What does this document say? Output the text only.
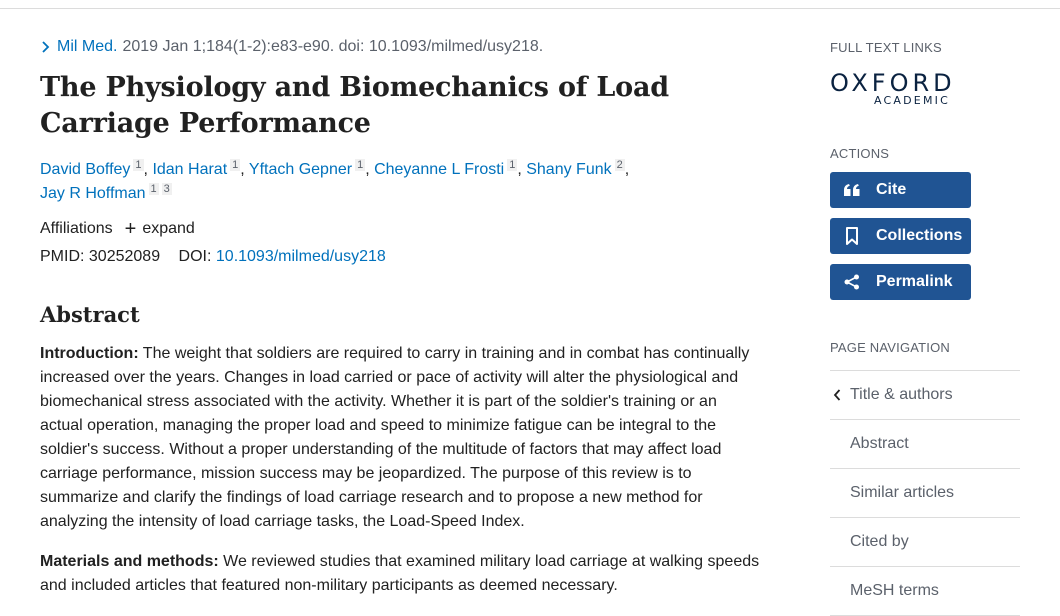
Mil Med. 2019 Jan 1;184(1-2):e83-e90. doi: 10.1093/milmed/usy218.
The Physiology and Biomechanics of Load Carriage Performance
David Boffey $^1$ , Idan Harat $^1$ , Yftach Gepner $^1$ , Cheyanne L Frosti $^1$ , Shany Funk $^2$ ,
Jay R Hoffman $^1$ $^3$
Affiliations + expand
PMID: 30252089 DOI: 10.1093/milmed/usy218
Abstract

Introduction: The weight that soldiers are required to carry in training and in combat has continually increased over the years. Changes in load carried or pace of activity will alter the physiological and biomechanical stress associated with the activity. Whether it is part of the soldier's training or an actual operation, managing the proper load and speed to minimize fatigue can be integral to the soldier's success. Without a proper understanding of the multitude of factors that may affect load carriage performance, mission success may be jeopardized. The purpose of this review is to summarize and clarify the findings of load carriage research and to propose a new method for analyzing the intensity of load carriage tasks, the Load-Speed Index.

Materials and methods: We reviewed studies that examined military load carriage at walking speeds and included articles that featured non-military participants as deemed necessary.

FULL TEXT LINKS
OXFORD
ACADEMIC
ACTIONS
Cite
Collections
Permalink
PAGE NAVIGATION
Title & authors
Abstract
Similar articles
Cited by
MeSH terms
